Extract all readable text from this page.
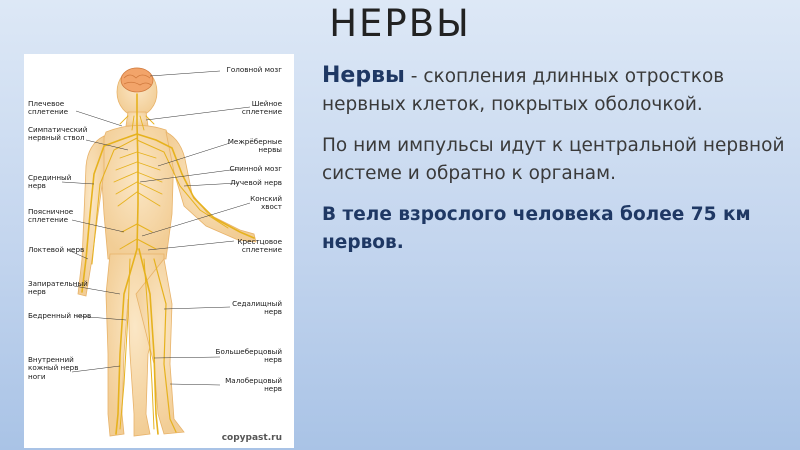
НЕРВЫ
Головной мозг
Шейное
сплетение
Межрёберные
нервы
Спинной мозг
Лучевой нерв
Конский
хвост
Крестцовое
сплетение
Седалищный
нерв
Большеберцовый
нерв
Малоберцовый
нерв
Плечевое
сплетение
Симпатический
нервный ствол
Срединный
нерв
Поясничное
сплетение
Локтевой нерв
Запирательный
нерв
Бедренный нерв
Внутренний
кожный нерв
ноги
copypast.ru

Нервы - скопления длинных отростков нервных клеток, покрытых оболочкой.

По ним импульсы идут к центральной нервной системе и обратно к органам.

В теле взрослого человека более 75 км нервов.
